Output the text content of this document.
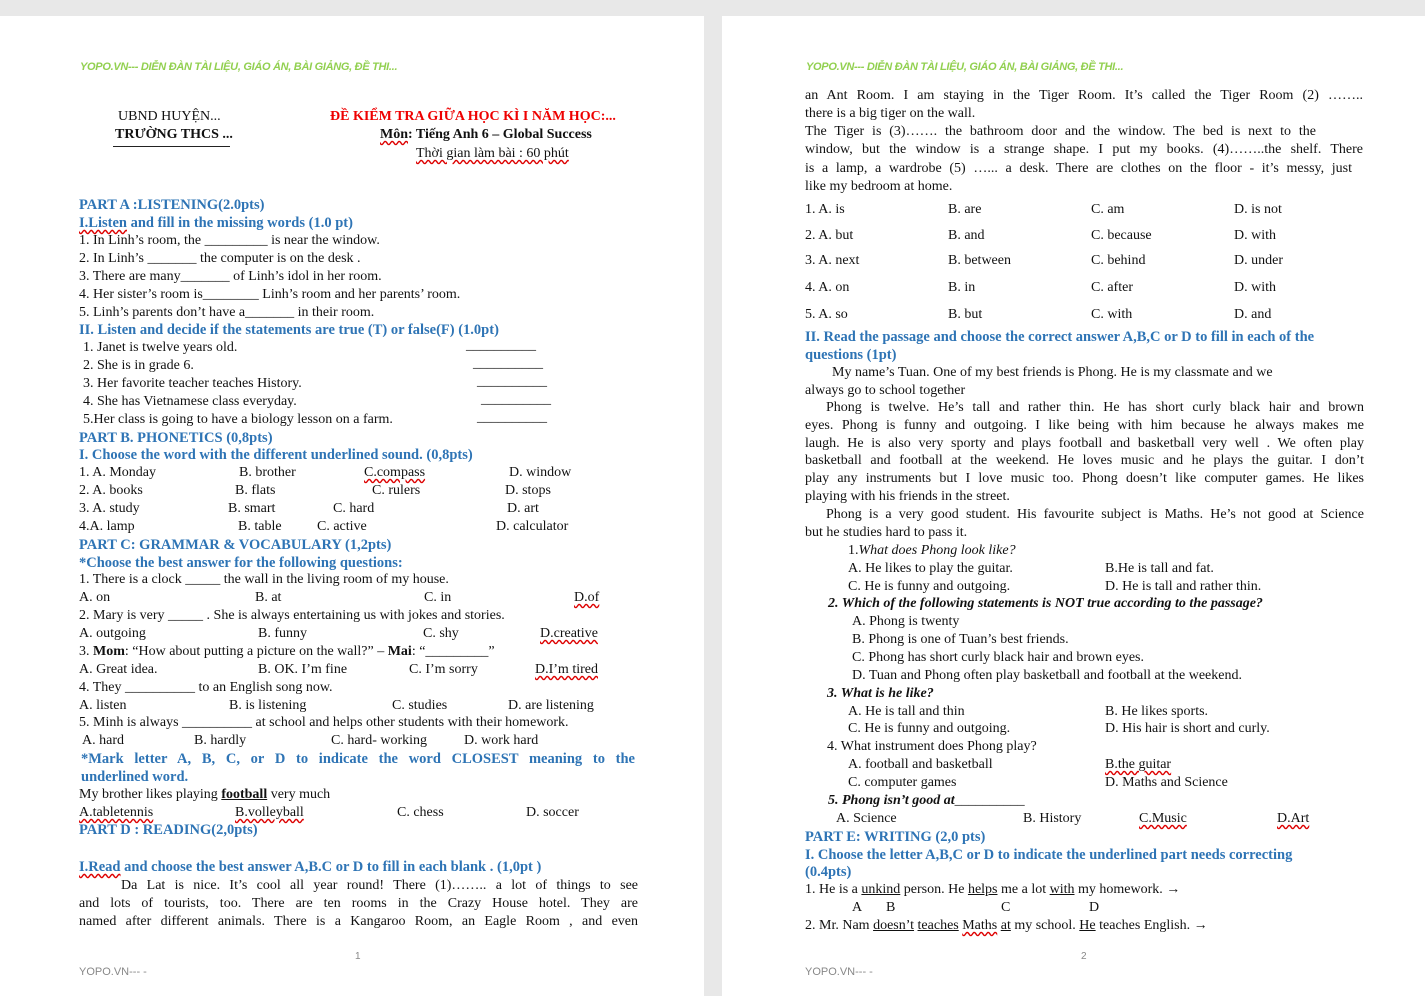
YOPO.VN--- DIỄN ĐÀN TÀI LIỆU, GIÁO ÁN, BÀI GIẢNG, ĐỀ THI...
UBND HUYỆN...
TRƯỜNG THCS ...
ĐỀ KIỂM TRA GIỮA HỌC KÌ I NĂM HỌC:...
Môn: Tiếng Anh 6 – Global Success
Thời gian làm bài : 60 phút
PART A :LISTENING(2.0pts)
I.Listen and fill in the missing words (1.0 pt)
1. In Linh’s room, the _________ is near the window.
2. In Linh’s _______ the computer is on the desk .
3. There are many_______ of Linh’s idol in her room.
4. Her sister’s room is________ Linh’s room and her parents’ room.
5. Linh’s parents don’t have a_______ in their room.
II. Listen and decide if the statements are true (T) or false(F) (1.0pt)
1. Janet is twelve years old.	__________
2. She is in grade 6.	__________
3. Her favorite teacher teaches History.	__________
4. She has Vietnamese class everyday.	__________
5.Her class is going to have a biology lesson on a farm.	__________
PART B. PHONETICS (0,8pts)
I. Choose the word with the different underlined sound. (0,8pts)
1. A. Monday	B. brother	C.compass	D. window
2. A. books	B. flats	C. rulers	D. stops
3. A. study	B. smart	C. hard	D. art
4.A. lamp	B. table	C. active	D. calculator
PART C: GRAMMAR & VOCABULARY (1,2pts)
*Choose the best answer for the following questions:
1. There is a clock _____ the wall in the living room of my house.
A. on	B. at	C. in	D.of
2. Mary is very _____ . She is always entertaining us with jokes and stories.
A. outgoing	B. funny	C. shy	D.creative
3. Mom: “How about putting a picture on the wall?” – Mai: “_________”
A. Great idea.	B. OK. I’m fine	C. I’m sorry	D.I’m tired
4. They __________ to an English song now.
A. listen	B. is listening	C. studies	D. are listening
5. Minh is always __________ at school and helps other students with their homework.
A. hard	B. hardly	C. hard- working	D. work hard
*Mark letter A, B, C, or D to indicate the word CLOSEST meaning to the
underlined word.
My brother likes playing football very much
A.tabletennis	B.volleyball	C. chess	D. soccer
PART D : READING(2,0pts)
I.Read and choose the best answer A,B.C or D to fill in each blank . (1,0pt )
Da Lat is nice. It’s cool all year round! There (1)…….. a lot of things to see
and lots of tourists, too. There are ten rooms in the Crazy House hotel. They are
named after different animals. There is a Kangaroo Room, an Eagle Room , and even
1
YOPO.VN--- -
YOPO.VN--- DIỄN ĐÀN TÀI LIỆU, GIÁO ÁN, BÀI GIẢNG, ĐỀ THI...
an Ant Room. I am staying in the Tiger Room. It’s called the Tiger Room (2) ……..
there is a big tiger on the wall.
The Tiger is (3)……. the bathroom door and the window. The bed is next to the
window, but the window is a strange shape. I put my books. (4)……..the shelf. There
is a lamp, a wardrobe (5) …... a desk. There are clothes on the floor - it’s messy, just
like my bedroom at home.
1. A. is	B. are	C. am	D. is not
2. A. but	B. and	C. because	D. with
3. A. next	B. between	C. behind	D. under
4. A. on	B. in	C. after	D. with
5. A. so	B. but	C. with	D. and
II. Read the passage and choose the correct answer A,B,C or D to fill in each of the
questions (1pt)
My name’s Tuan. One of my best friends is Phong. He is my classmate and we
always go to school together
Phong is twelve. He’s tall and rather thin. He has short curly black hair and brown
eyes. Phong is funny and outgoing. I like being with him because he always makes me
laugh. He is also very sporty and plays football and basketball very well . We often play
basketball and football at the weekend. He loves music and he plays the guitar. I don’t
play any instruments but I love music too. Phong doesn’t like computer games. He likes
playing with his friends in the street.
Phong is a very good student. His favourite subject is Maths. He’s not good at Science
but he studies hard to pass it.
1.What does Phong look like?
A. He likes to play the guitar.	B.He is tall and fat.
C. He is funny and outgoing.	D. He is tall and rather thin.
2. Which of the following statements is NOT true according to the passage?
A. Phong is twenty
B. Phong is one of Tuan’s best friends.
C. Phong has short curly black hair and brown eyes.
D. Tuan and Phong often play basketball and football at the weekend.
3. What is he like?
A. He is tall and thin	B. He likes sports.
C. He is funny and outgoing.	D. His hair is short and curly.
4. What instrument does Phong play?
A. football and basketball	B.the guitar
C. computer games	D. Maths and Science
5. Phong isn’t good at__________
A. Science	B. History	C.Music	D.Art
PART E: WRITING (2,0 pts)
I. Choose the letter A,B,C or D to indicate the underlined part needs correcting
(0.4pts)
1. He is a unkind person. He helps me a lot with my homework. →
A B	C	D
2. Mr. Nam doesn’t teaches Maths at my school. He teaches English. →
2
YOPO.VN--- -
